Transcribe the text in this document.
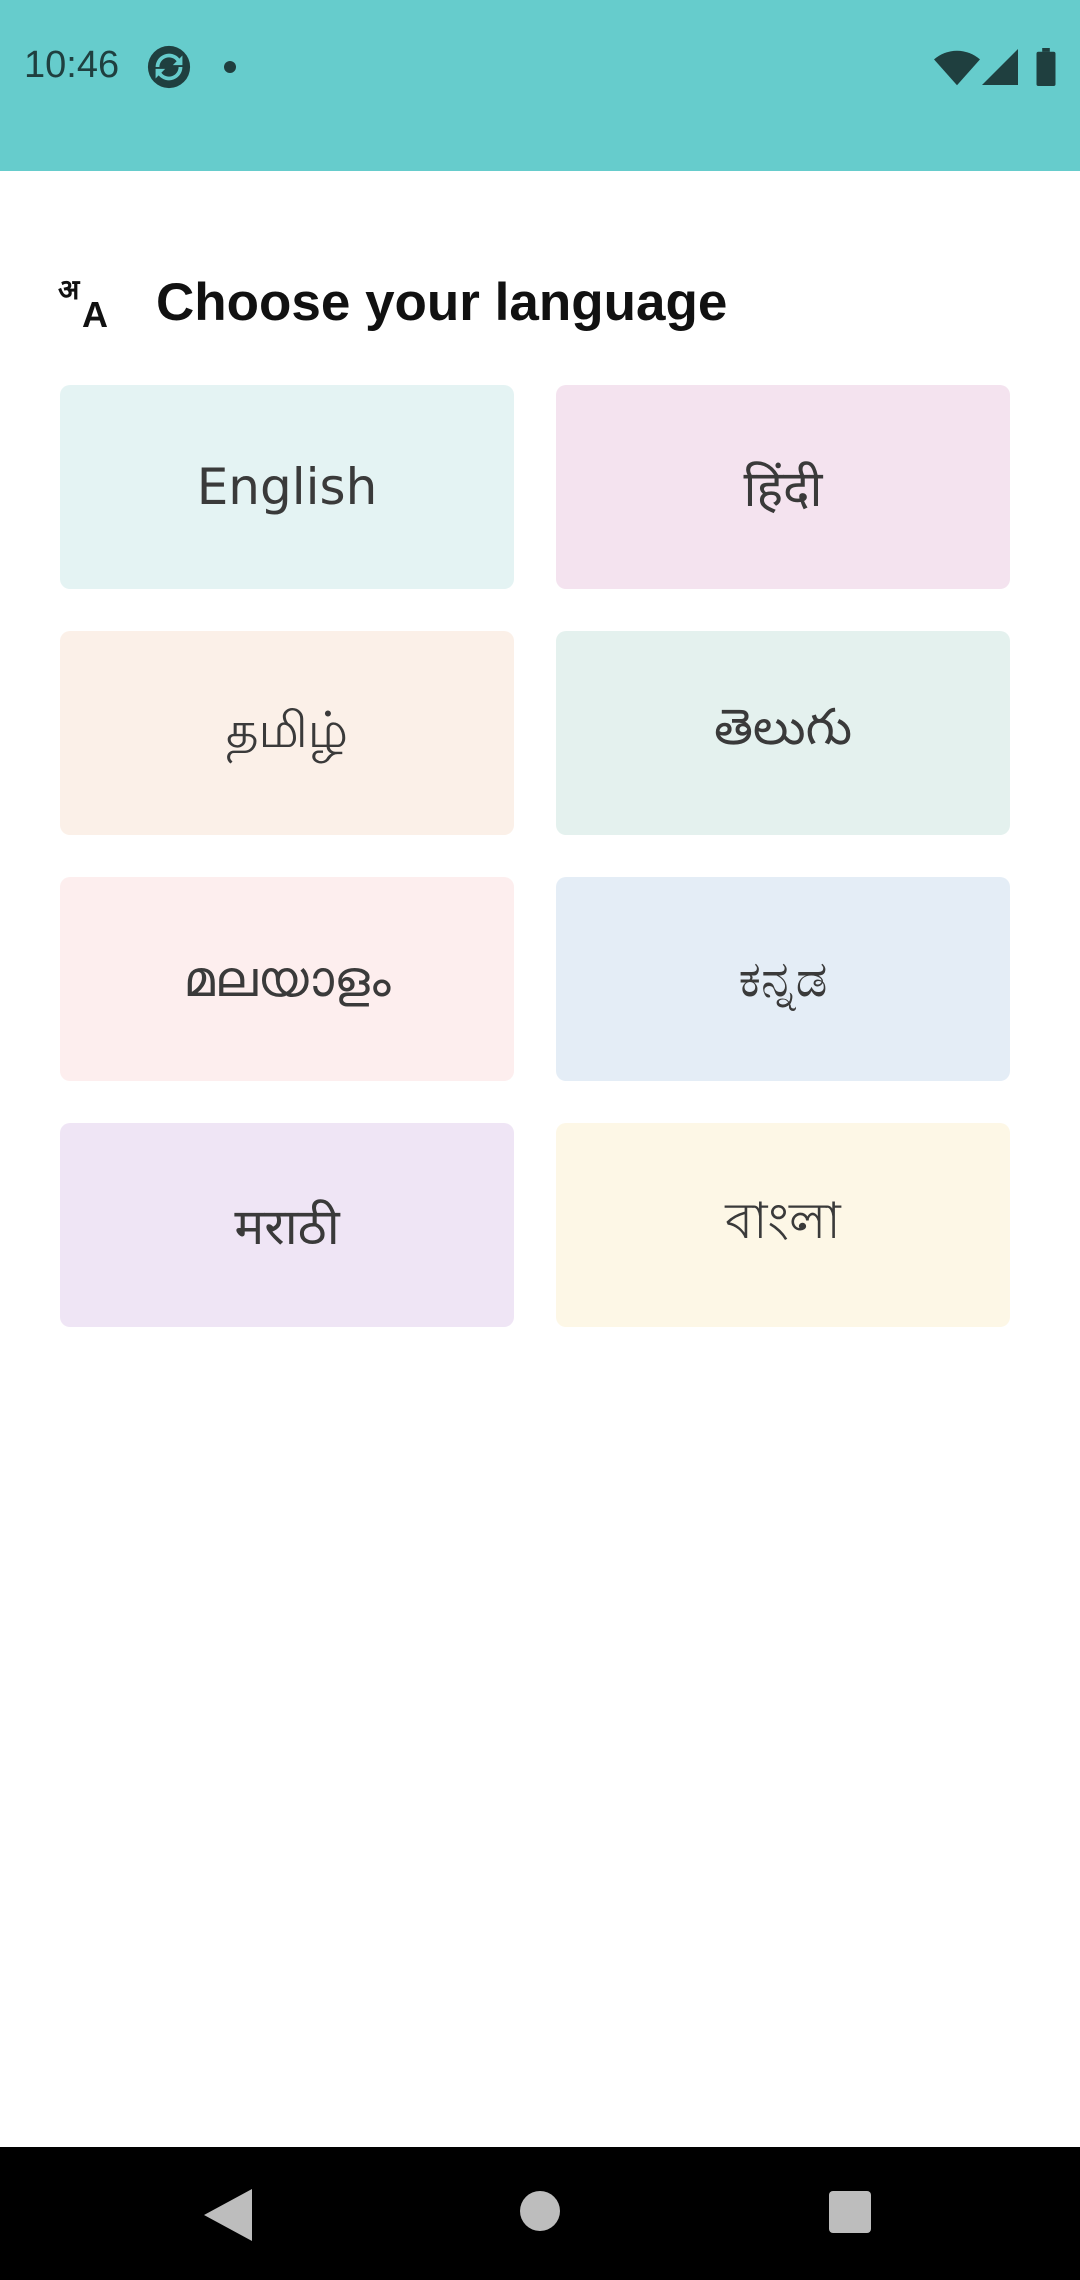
10:46
अ
A Choose your language
English	हिंदी
தமிழ்	తెలుగు
മലയാളം	ಕನ್ನಡ
मराठी	বাংলা
